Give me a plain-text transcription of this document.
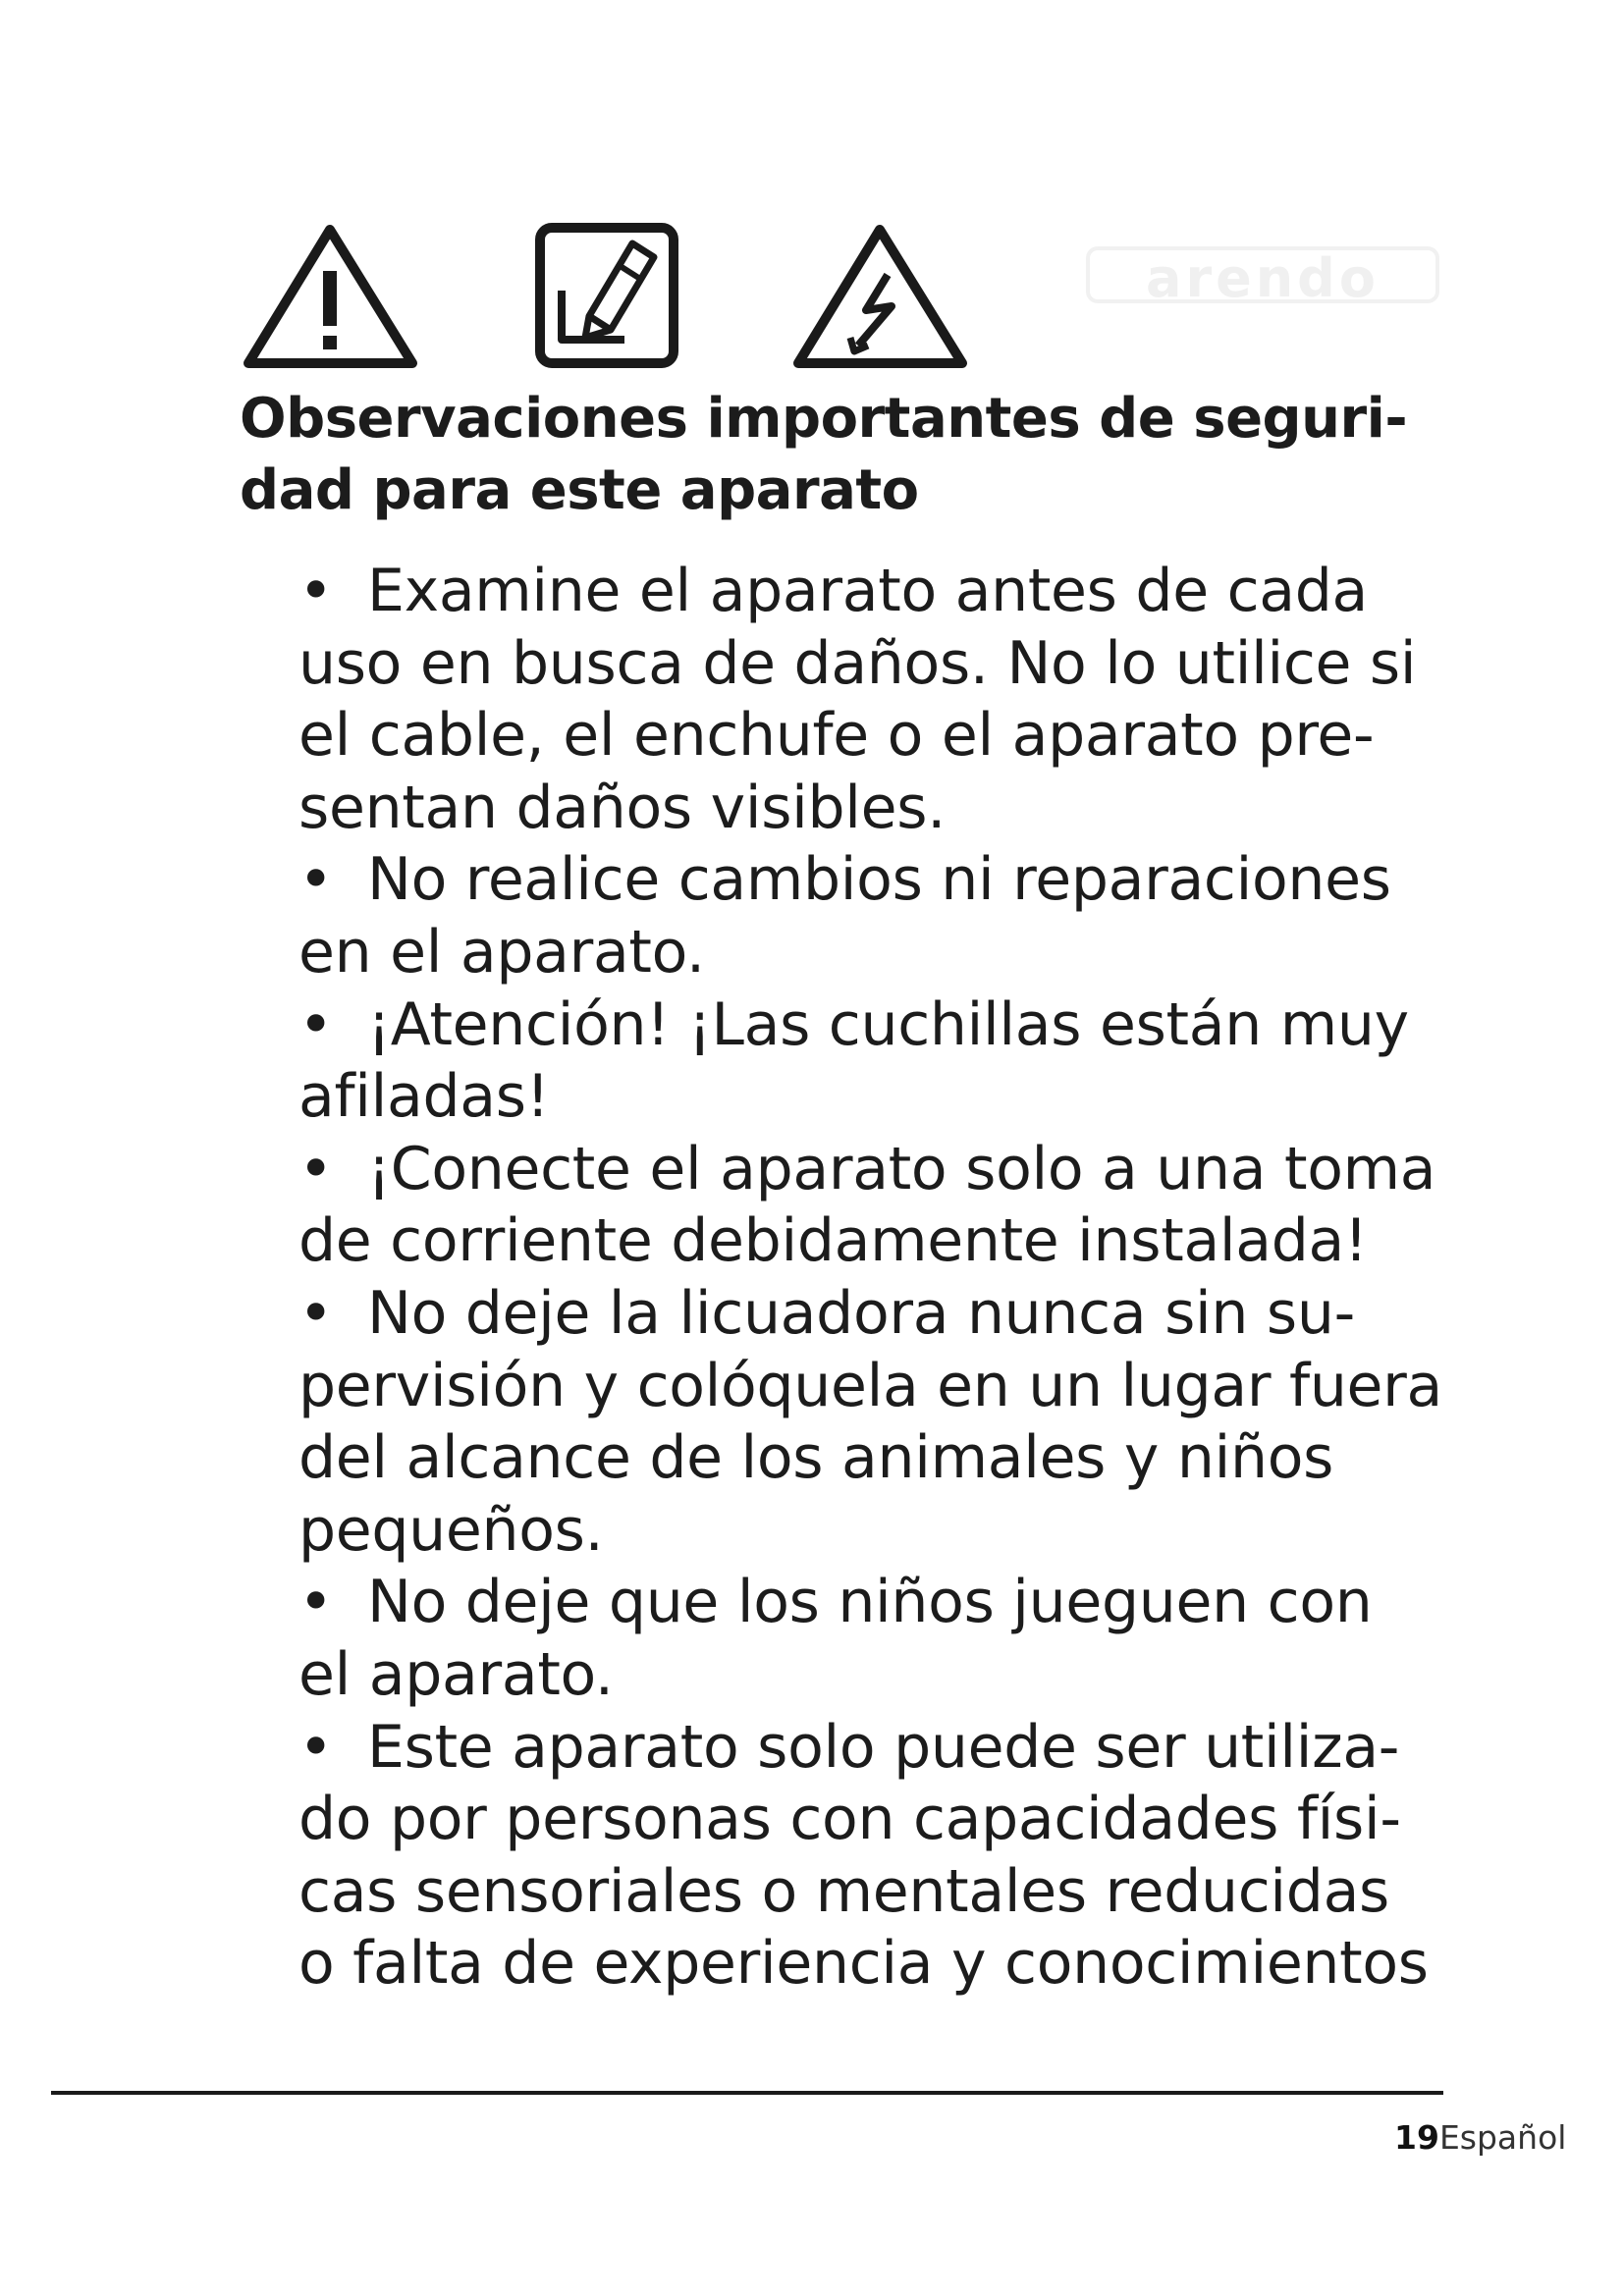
arendo
Observaciones importantes de seguri-
dad para este aparato
• Examine el aparato antes de cada
uso en busca de daños. No lo utilice si
el cable, el enchufe o el aparato pre-
sentan daños visibles.
• No realice cambios ni reparaciones
en el aparato.
• ¡Atención! ¡Las cuchillas están muy
afiladas!
• ¡Conecte el aparato solo a una toma
de corriente debidamente instalada!
• No deje la licuadora nunca sin su-
pervisión y colóquela en un lugar fuera
del alcance de los animales y niños
pequeños.
• No deje que los niños jueguen con
el aparato.
• Este aparato solo puede ser utiliza-
do por personas con capacidades físi-
cas sensoriales o mentales reducidas
o falta de experiencia y conocimientos
19Español
